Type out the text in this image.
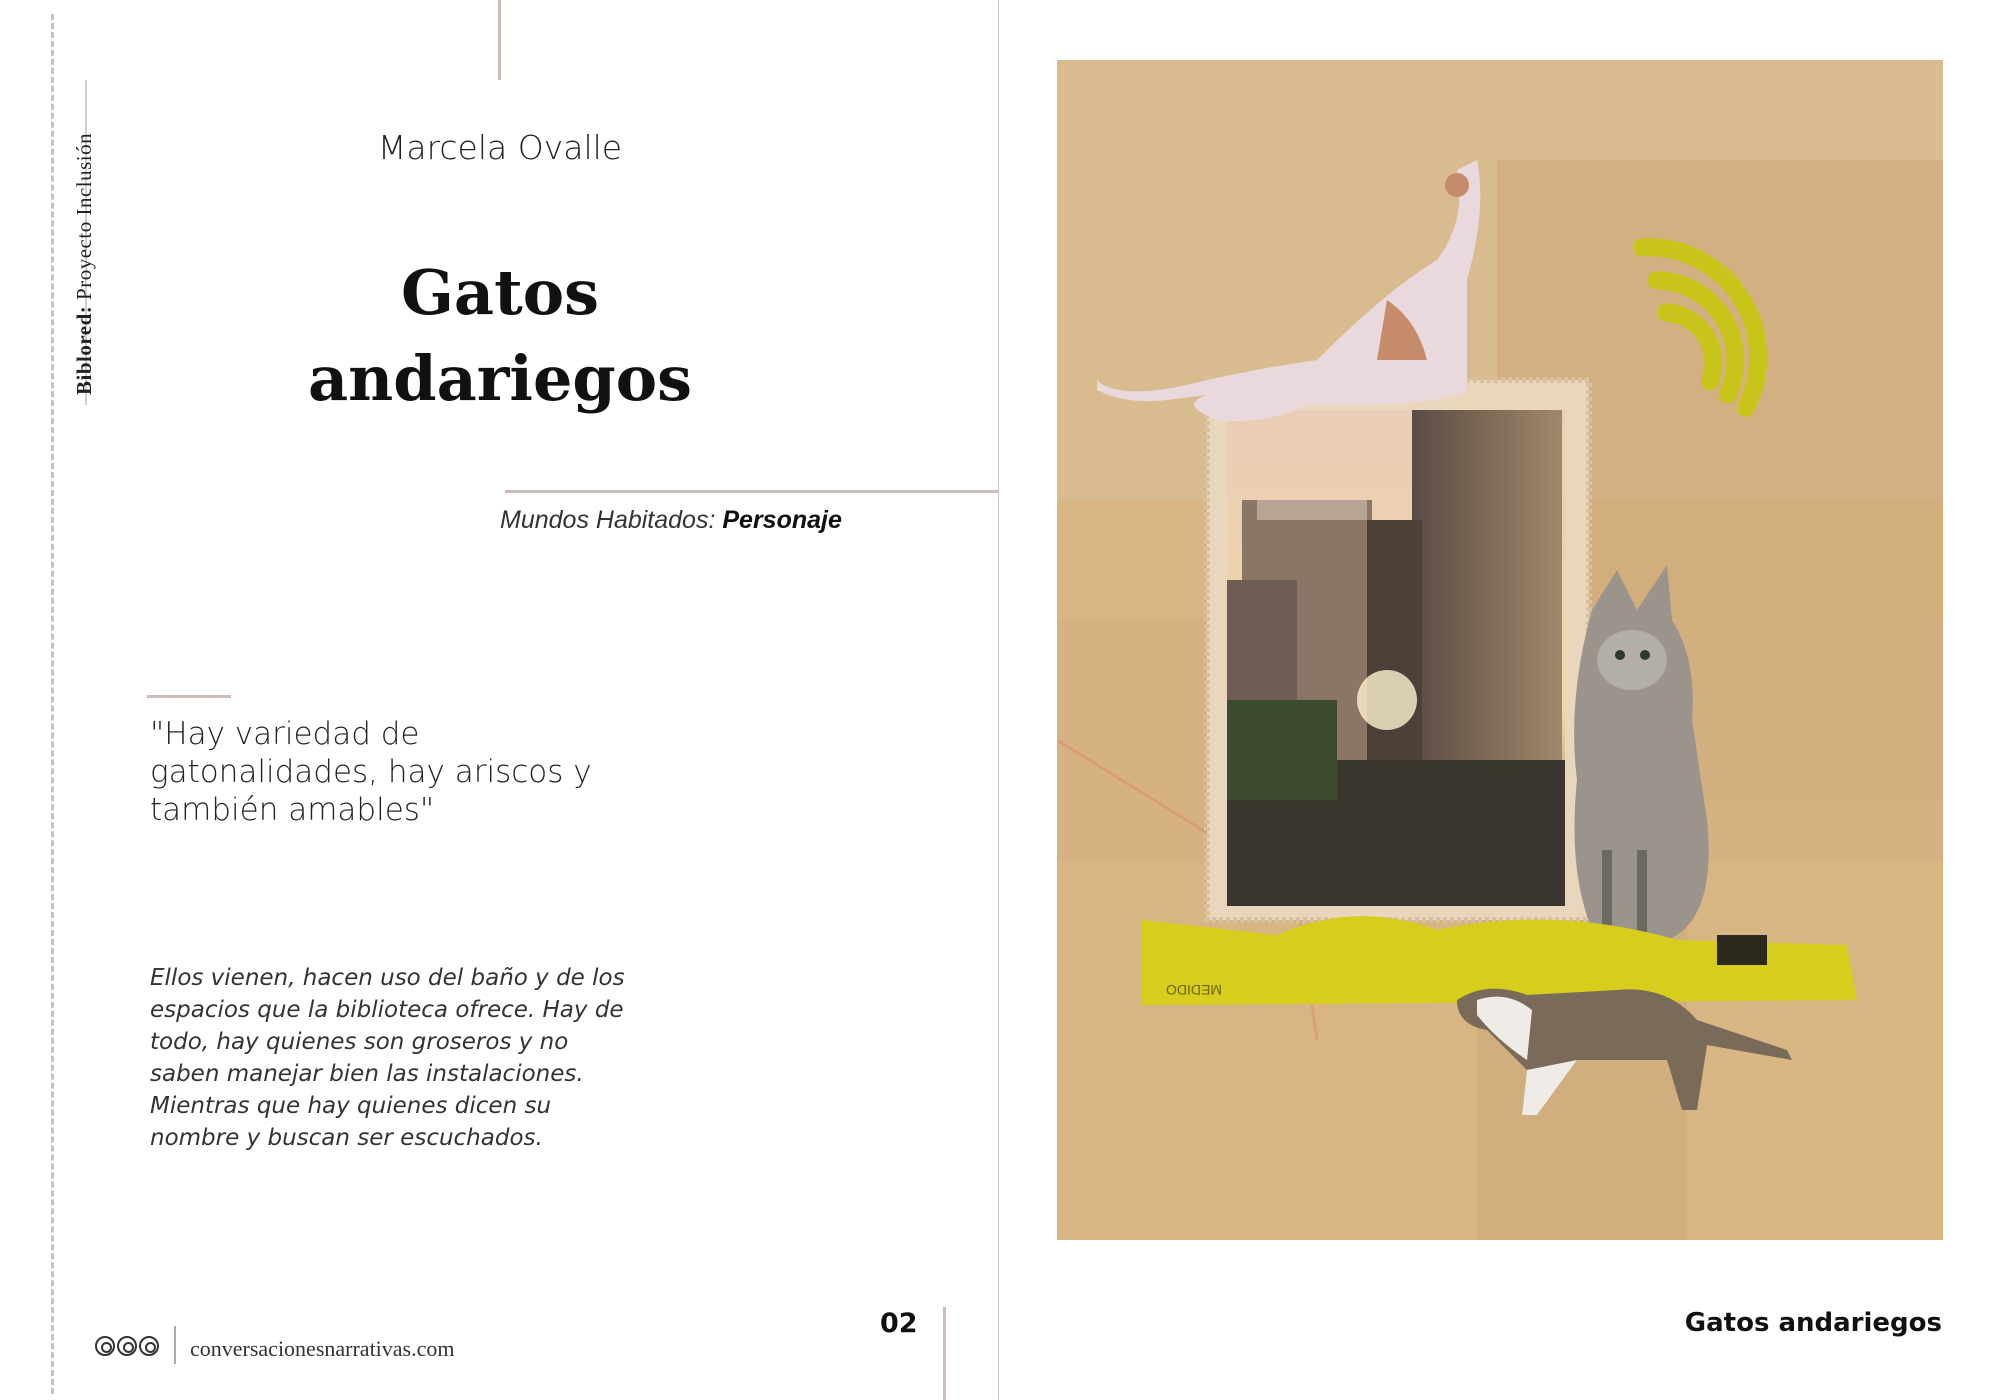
Biblored: Proyecto Inclusión	Marcela Ovalle
Gatos
andariegos
Mundos Habitados: Personaje
"Hay variedad de gatonalidades, hay ariscos y también amables"
Ellos vienen, hacen uso del baño y de los espacios que la biblioteca ofrece. Hay de todo, hay quienes son groseros y no saben manejar bien las instalaciones. Mientras que hay quienes dicen su nombre y buscan ser escuchados.
conversacionesnarrativas.com
02
MEDIDO
Gatos andariegos
